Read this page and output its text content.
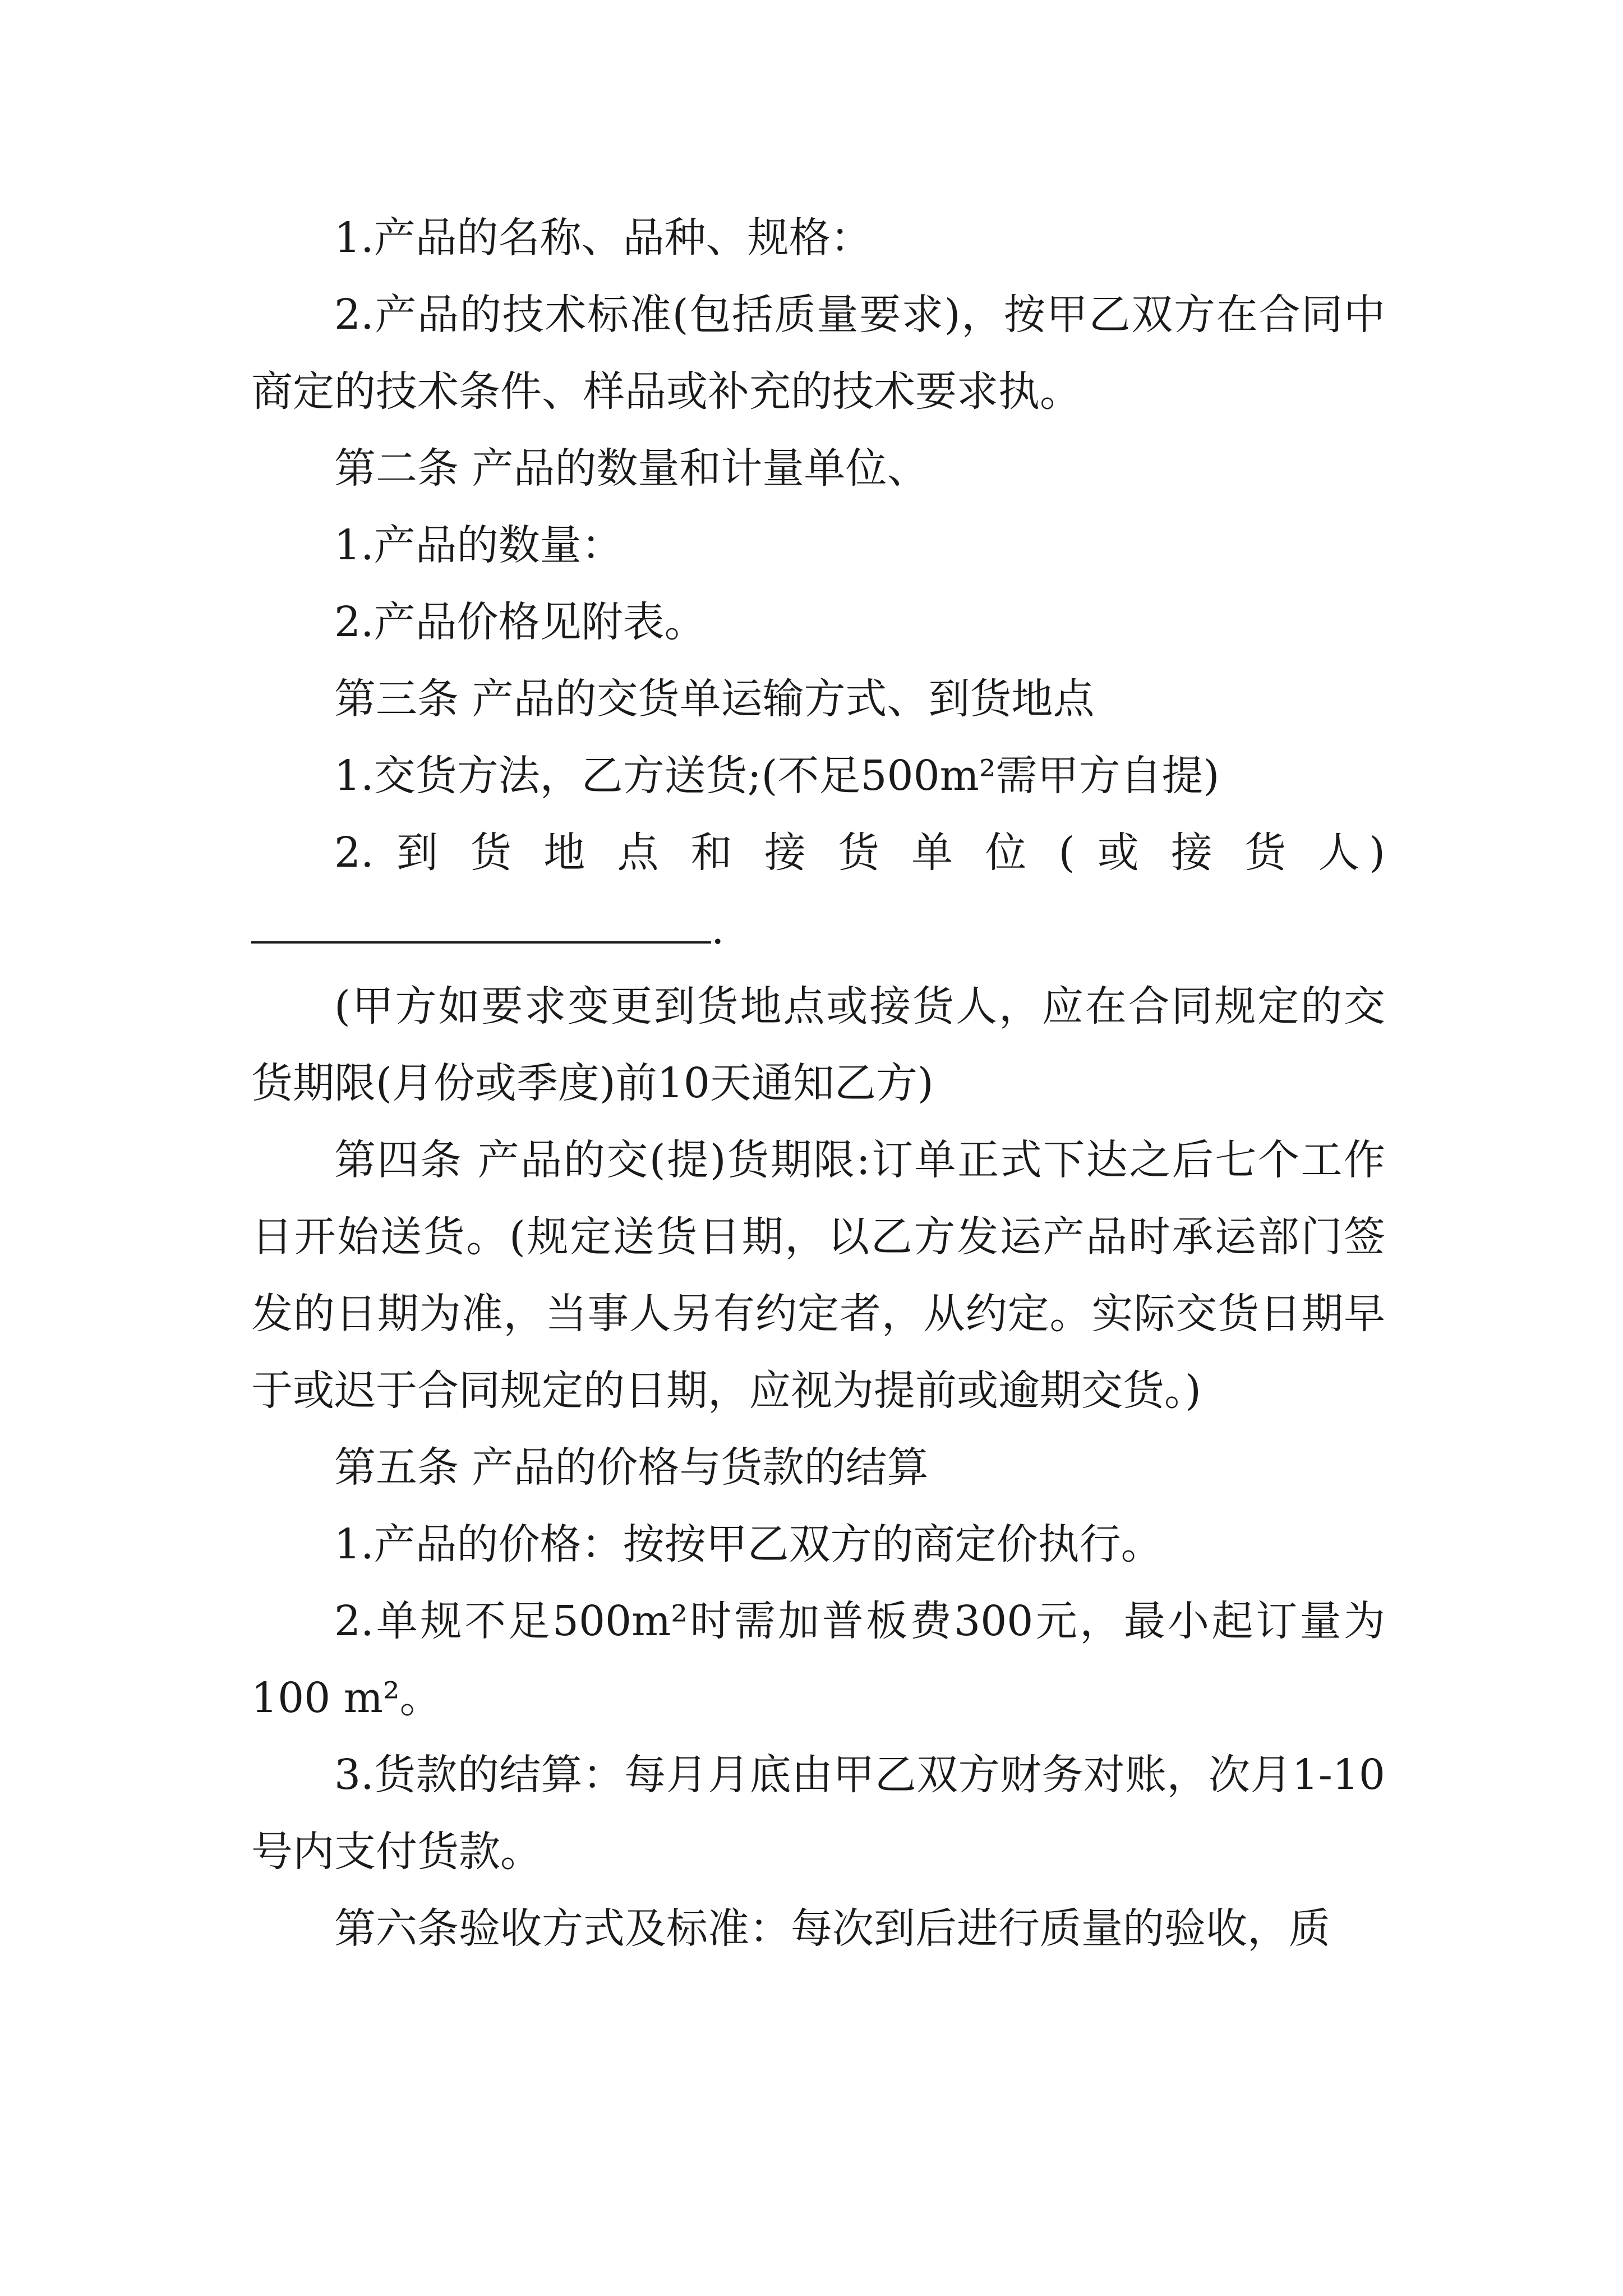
1.产品的名称、品种、规格：

2.产品的技术标准(包括质量要求)，按甲乙双方在合同中商定的技术条件、样品或补充的技术要求执。

第二条 产品的数量和计量单位、

1.产品的数量：

2.产品价格见附表。

第三条 产品的交货单运输方式、到货地点

1.交货方法，乙方送货;(不足500m²需甲方自提)

2. 到 货 地 点 和 接 货 单 位 ( 或 接 货 人).

(甲方如要求变更到货地点或接货人，应在合同规定的交货期限(月份或季度)前10天通知乙方)

第四条 产品的交(提)货期限:订单正式下达之后七个工作日开始送货。(规定送货日期，以乙方发运产品时承运部门签发的日期为准，当事人另有约定者，从约定。实际交货日期早于或迟于合同规定的日期，应视为提前或逾期交货。)

第五条 产品的价格与货款的结算

1.产品的价格：按按甲乙双方的商定价执行。

2.单规不足500m²时需加普板费300元，最小起订量为100 m²。

3.货款的结算：每月月底由甲乙双方财务对账，次月1-10号内支付货款。

第六条验收方式及标准：每次到后进行质量的验收，质
